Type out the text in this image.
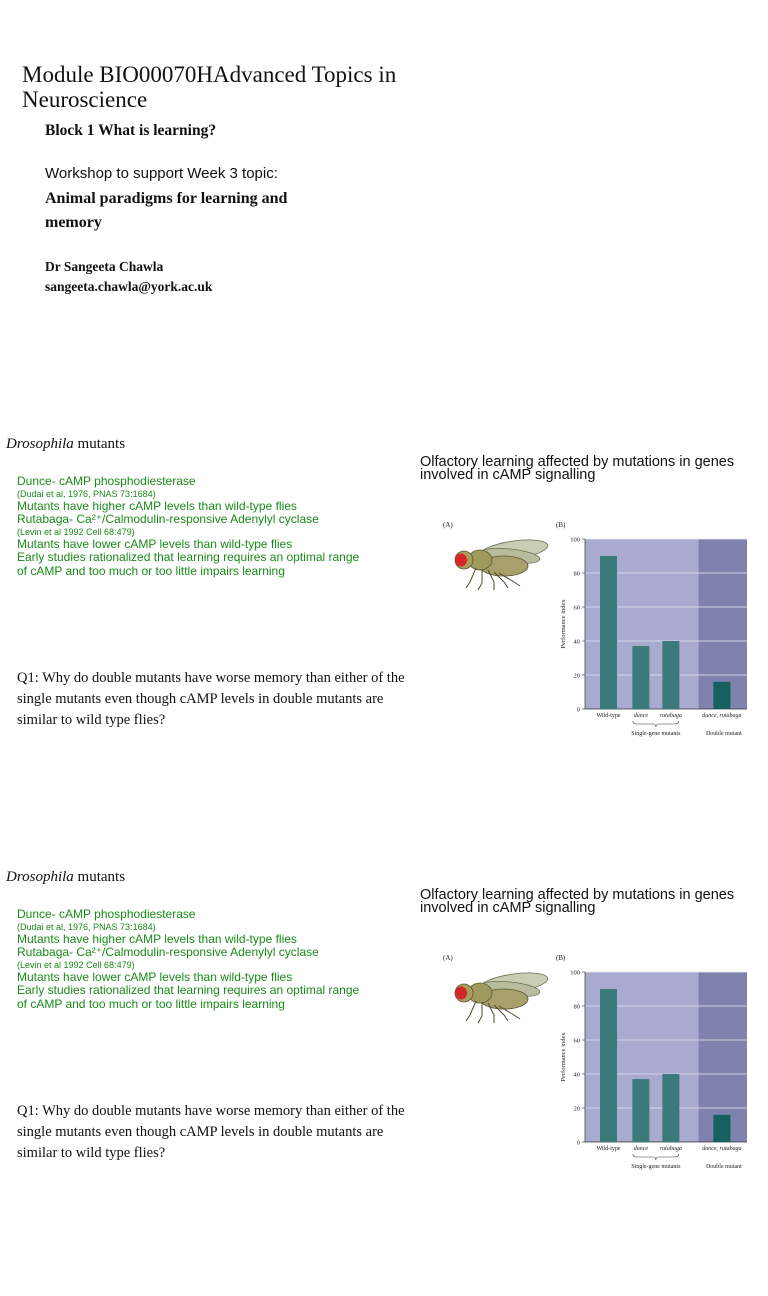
Module BIO00070HAdvanced Topics in Neuroscience
Block 1 What is learning?
Workshop to support Week 3 topic:
Animal paradigms for learning and memory
Dr Sangeeta Chawla
sangeeta.chawla@york.ac.uk
Drosophila mutants
Dunce- cAMP phosphodiesterase
(Dudai et al, 1976, PNAS 73:1684)
Mutants have higher cAMP levels than wild-type flies
Rutabaga- Ca²⁺/Calmodulin-responsive Adenylyl cyclase
(Levin et al 1992 Cell 68:479)
Mutants have lower cAMP levels than wild-type flies
Early studies rationalized that learning requires an optimal range of cAMP and too much or too little impairs learning
Q1: Why do double mutants have worse memory than either of the single mutants even though cAMP levels in double mutants are similar to wild type flies?
Olfactory learning affected by mutations in genes involved in cAMP signalling
(A)	(B)
0
20
40
60
80
100
Performance index
Wild-type dunce rutabaga	dunce, rutabaga
Single-gene mutants	Double mutant
Drosophila mutants
Dunce- cAMP phosphodiesterase
(Dudai et al, 1976, PNAS 73:1684)
Mutants have higher cAMP levels than wild-type flies
Rutabaga- Ca²⁺/Calmodulin-responsive Adenylyl cyclase
(Levin et al 1992 Cell 68:479)
Mutants have lower cAMP levels than wild-type flies
Early studies rationalized that learning requires an optimal range of cAMP and too much or too little impairs learning
Q1: Why do double mutants have worse memory than either of the single mutants even though cAMP levels in double mutants are similar to wild type flies?
Olfactory learning affected by mutations in genes involved in cAMP signalling
(A)	(B)
0
20
40
60
80
100
Performance index
Wild-type dunce rutabaga	dunce, rutabaga
Single-gene mutants	Double mutant
